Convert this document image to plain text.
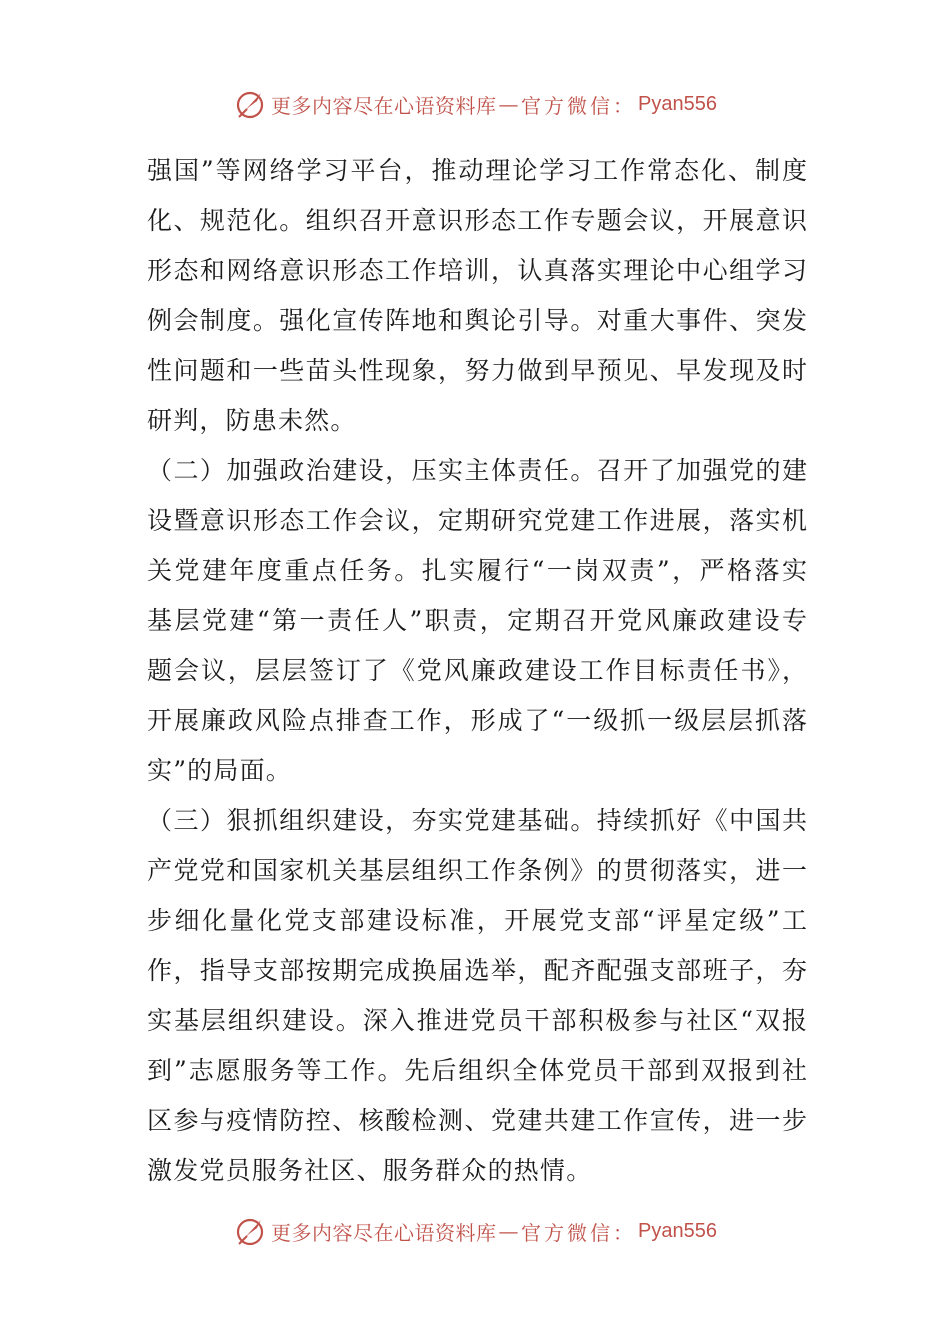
更多内容尽在心语资料库 — 官方微信： Pyan556
强国”等网络学习平台，推动理论学习工作常态化、制度
化、规范化。组织召开意识形态工作专题会议，开展意识
形态和网络意识形态工作培训，认真落实理论中心组学习
例会制度。强化宣传阵地和舆论引导。对重大事件、突发
性问题和一些苗头性现象，努力做到早预见、早发现及时
研判，防患未然。
（二）加强政治建设，压实主体责任。召开了加强党的建
设暨意识形态工作会议，定期研究党建工作进展，落实机
关党建年度重点任务。扎实履行“一岗双责”，严格落实
基层党建“第一责任人”职责，定期召开党风廉政建设专
题会议，层层签订了《党风廉政建设工作目标责任书》，
开展廉政风险点排查工作，形成了“一级抓一级层层抓落
实”的局面。
（三）狠抓组织建设，夯实党建基础。持续抓好《中国共
产党党和国家机关基层组织工作条例》的贯彻落实，进一
步细化量化党支部建设标准，开展党支部“评星定级”工
作，指导支部按期完成换届选举，配齐配强支部班子，夯
实基层组织建设。深入推进党员干部积极参与社区“双报
到”志愿服务等工作。先后组织全体党员干部到双报到社
区参与疫情防控、核酸检测、党建共建工作宣传，进一步
激发党员服务社区、服务群众的热情。
更多内容尽在心语资料库 — 官方微信： Pyan556
